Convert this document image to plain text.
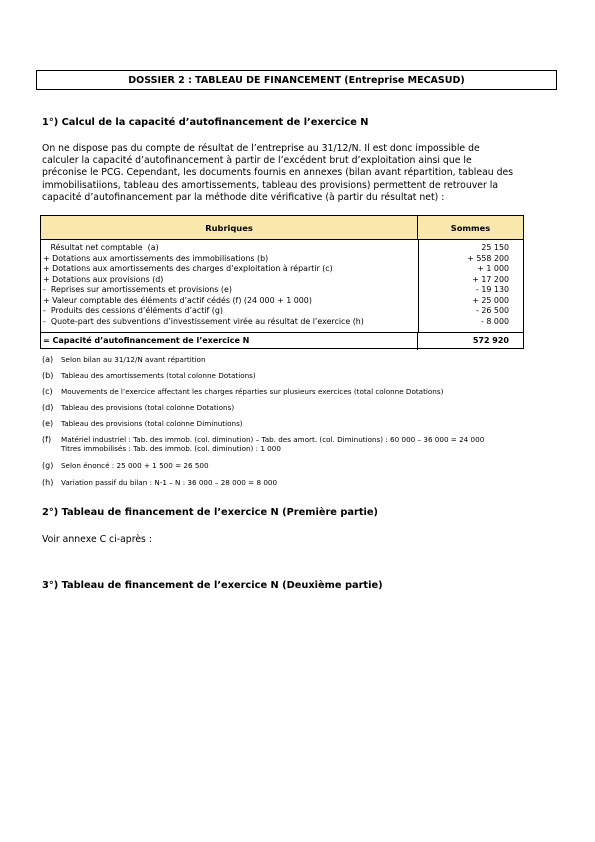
DOSSIER 2 : TABLEAU DE FINANCEMENT (Entreprise MECASUD)
1°) Calcul de la capacité d’autofinancement de l’exercice N
On ne dispose pas du compte de résultat de l’entreprise au 31/12/N. Il est donc impossible de
calculer la capacité d’autofinancement à partir de l’excédent brut d’exploitation ainsi que le
préconise le PCG. Cependant, les documents fournis en annexes (bilan avant répartition, tableau des
immobilisatiions, tableau des amortissements, tableau des provisions) permettent de retrouver la
capacité d’autofinancement par la méthode dite vérificative (à partir du résultat net) :
Rubriques	Sommes
Résultat net comptable  (a)	25 150
+ Dotations aux amortissements des immobilisations (b)	+ 558 200
+ Dotations aux amortissements des charges d’exploitation à répartir (c)	+ 1 000
+ Dotations aux provisions (d)	+ 17 200
-  Reprises sur amortissements et provisions (e)	- 19 130
+ Valeur comptable des éléments d’actif cédés (f) (24 000 + 1 000)	+ 25 000
-  Produits des cessions d’éléments d’actif (g)	- 26 500
-  Quote-part des subventions d’investissement virée au résultat de l’exercice (h)	- 8 000
= Capacité d’autofinancement de l’exercice N	572 920
(a) Selon bilan au 31/12/N avant répartition
(b) Tableau des amortissements (total colonne Dotations)
(c) Mouvements de l’exercice affectant les charges réparties sur plusieurs exercices (total colonne Dotations)
(d) Tableau des provisions (total colonne Dotations)
(e) Tableau des provisions (total colonne Diminutions)
(f) Matériel industriel : Tab. des immob. (col. diminution) – Tab. des amort. (col. Diminutions) : 60 000 – 36 000 = 24 000
Titres immobilisés : Tab. des immob. (col. diminution) : 1 000
(g) Selon énoncé : 25 000 + 1 500 = 26 500
(h) Variation passif du bilan : N-1 – N : 36 000 – 28 000 = 8 000
2°) Tableau de financement de l’exercice N (Première partie)
Voir annexe C ci-après :
3°) Tableau de financement de l’exercice N (Deuxième partie)
